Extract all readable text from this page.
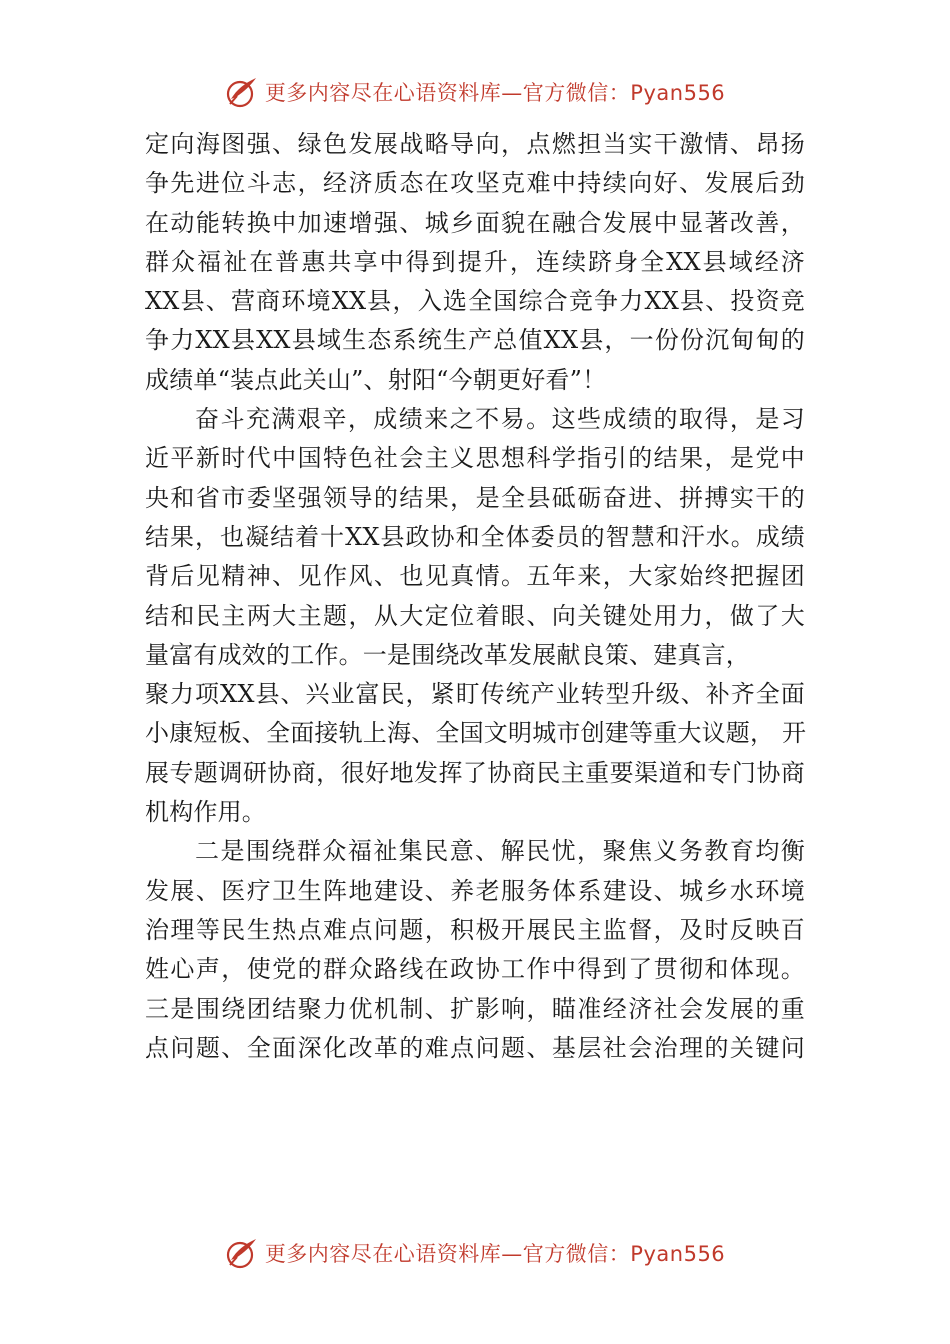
更多内容尽在心语资料库—官方微信：Pyan556
定向海图强、绿色发展战略导向，点燃担当实干激情、昂扬
争先进位斗志，经济质态在攻坚克难中持续向好、发展后劲
在动能转换中加速增强、城乡面貌在融合发展中显著改善，
群众福祉在普惠共享中得到提升，连续跻身全XX县域经济
XX县、营商环境XX县，入选全国综合竞争力XX县、投资竞
争力XX县XX县域生态系统生产总值XX县，一份份沉甸甸的
成绩单“装点此关山”、射阳“今朝更好看”！
奋斗充满艰辛，成绩来之不易。这些成绩的取得，是习
近平新时代中国特色社会主义思想科学指引的结果，是党中
央和省市委坚强领导的结果，是全县砥砺奋进、拼搏实干的
结果，也凝结着十XX县政协和全体委员的智慧和汗水。成绩
背后见精神、见作风、也见真情。五年来，大家始终把握团
结和民主两大主题，从大定位着眼、向关键处用力，做了大
量富有成效的工作。一是围绕改革发展献良策、建真言，
聚力项XX县、兴业富民，紧盯传统产业转型升级、补齐全面
小康短板、全面接轨上海、全国文明城市创建等重大议题， 开
展专题调研协商，很好地发挥了协商民主重要渠道和专门协商
机构作用。
二是围绕群众福祉集民意、解民忧，聚焦义务教育均衡
发展、医疗卫生阵地建设、养老服务体系建设、城乡水环境
治理等民生热点难点问题，积极开展民主监督，及时反映百
姓心声，使党的群众路线在政协工作中得到了贯彻和体现。
三是围绕团结聚力优机制、扩影响，瞄准经济社会发展的重
点问题、全面深化改革的难点问题、基层社会治理的关键问
更多内容尽在心语资料库—官方微信：Pyan556
